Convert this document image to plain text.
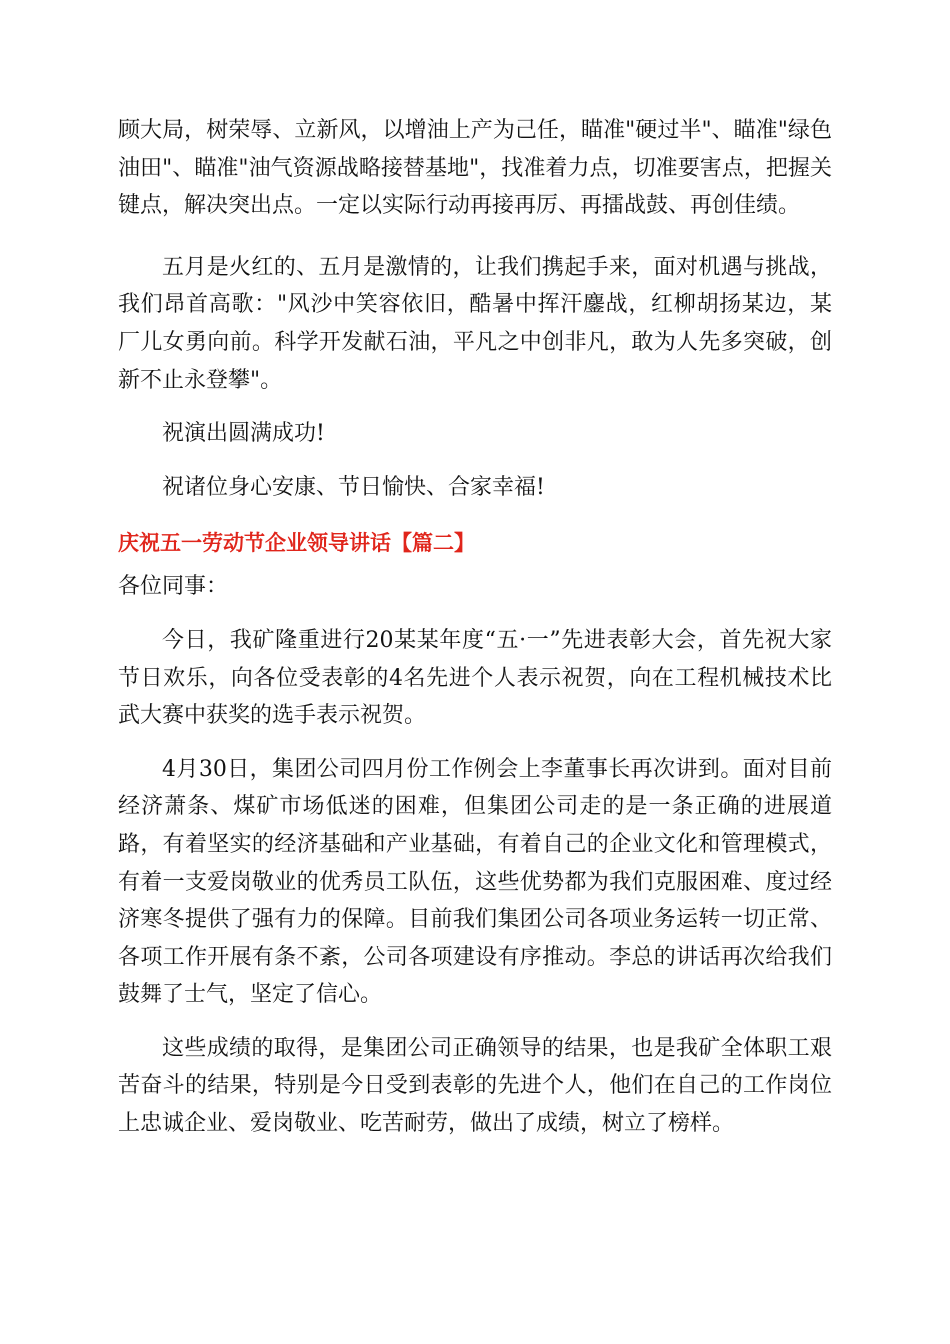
顾大局，树荣辱、立新风，以增油上产为己任，瞄准"硬过半"、瞄准"绿色油田"、瞄准"油气资源战略接替基地"，找准着力点，切准要害点，把握关键点，解决突出点。一定以实际行动再接再厉、再擂战鼓、再创佳绩。

五月是火红的、五月是激情的，让我们携起手来，面对机遇与挑战，我们昂首高歌："风沙中笑容依旧，酷暑中挥汗鏖战，红柳胡扬某边，某厂儿女勇向前。科学开发献石油，平凡之中创非凡，敢为人先多突破，创新不止永登攀"。

祝演出圆满成功!

祝诸位身心安康、节日愉快、合家幸福!

庆祝五一劳动节企业领导讲话【篇二】

各位同事：

今日，我矿隆重进行20某某年度“五·一”先进表彰大会，首先祝大家节日欢乐，向各位受表彰的4名先进个人表示祝贺，向在工程机械技术比武大赛中获奖的选手表示祝贺。

4月30日，集团公司四月份工作例会上李董事长再次讲到。面对目前经济萧条、煤矿市场低迷的困难，但集团公司走的是一条正确的进展道路，有着坚实的经济基础和产业基础，有着自己的企业文化和管理模式，有着一支爱岗敬业的优秀员工队伍，这些优势都为我们克服困难、度过经济寒冬提供了强有力的保障。目前我们集团公司各项业务运转一切正常、各项工作开展有条不紊，公司各项建设有序推动。李总的讲话再次给我们鼓舞了士气，坚定了信心。

这些成绩的取得，是集团公司正确领导的结果，也是我矿全体职工艰苦奋斗的结果，特别是今日受到表彰的先进个人，他们在自己的工作岗位上忠诚企业、爱岗敬业、吃苦耐劳，做出了成绩，树立了榜样。
